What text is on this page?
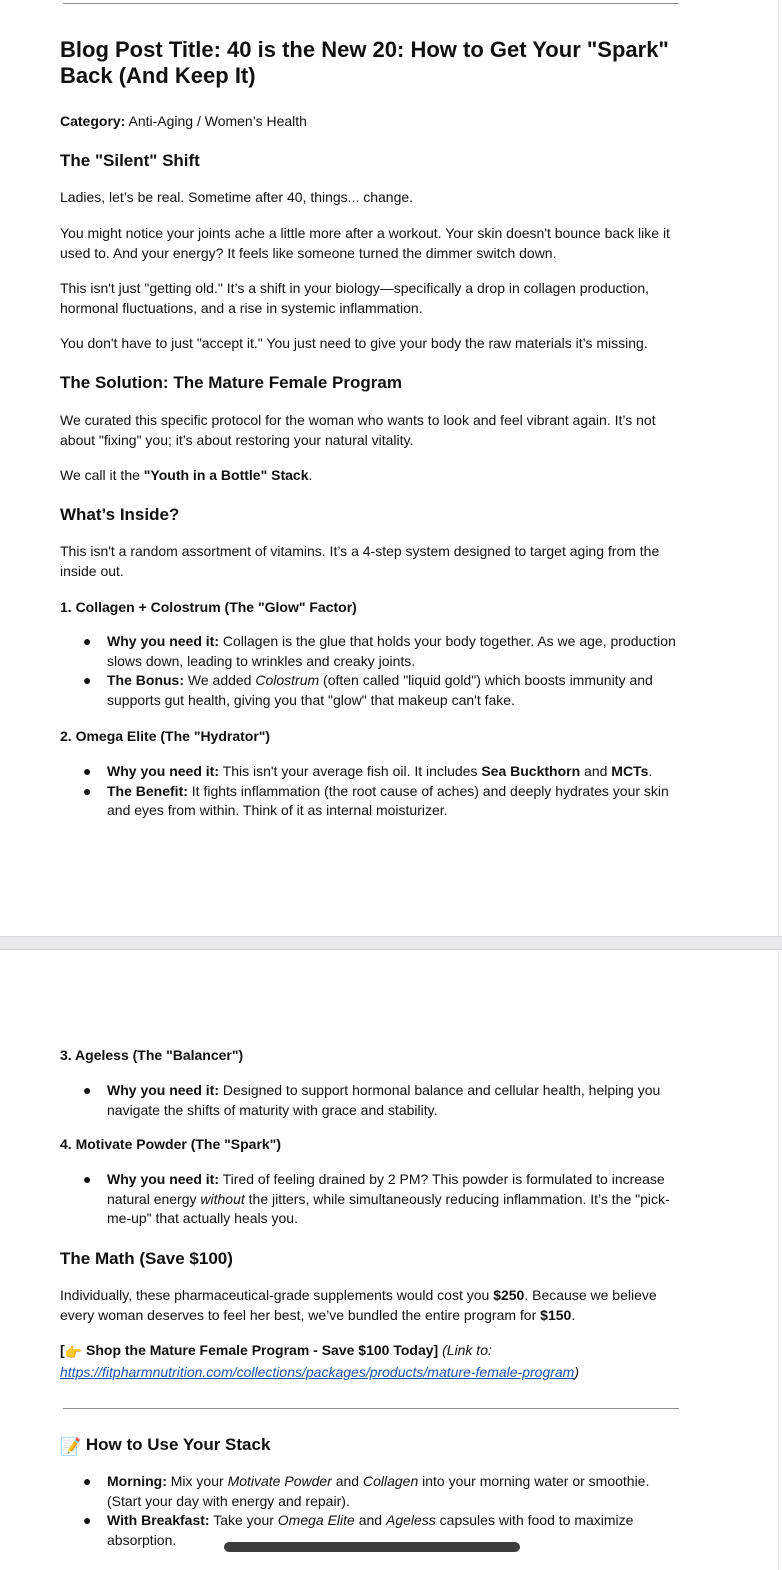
Blog Post Title: 40 is the New 20: How to Get Your "Spark" Back (And Keep It)

Category: Anti-Aging / Women’s Health

The "Silent" Shift

Ladies, let’s be real. Sometime after 40, things... change.

You might notice your joints ache a little more after a workout. Your skin doesn't bounce back like it used to. And your energy? It feels like someone turned the dimmer switch down.

This isn't just "getting old." It’s a shift in your biology—specifically a drop in collagen production, hormonal fluctuations, and a rise in systemic inflammation.

You don't have to just "accept it." You just need to give your body the raw materials it’s missing.

The Solution: The Mature Female Program

We curated this specific protocol for the woman who wants to look and feel vibrant again. It’s not about "fixing" you; it’s about restoring your natural vitality.

We call it the "Youth in a Bottle" Stack.

What’s Inside?

This isn't a random assortment of vitamins. It’s a 4-step system designed to target aging from the inside out.

1. Collagen + Colostrum (The "Glow" Factor)
● Why you need it: Collagen is the glue that holds your body together. As we age, production slows down, leading to wrinkles and creaky joints.
● The Bonus: We added Colostrum (often called "liquid gold") which boosts immunity and supports gut health, giving you that "glow" that makeup can't fake.
2. Omega Elite (The "Hydrator")
● Why you need it: This isn't your average fish oil. It includes Sea Buckthorn and MCTs.
● The Benefit: It fights inflammation (the root cause of aches) and deeply hydrates your skin and eyes from within. Think of it as internal moisturizer.
3. Ageless (The "Balancer")
● Why you need it: Designed to support hormonal balance and cellular health, helping you navigate the shifts of maturity with grace and stability.
4. Motivate Powder (The "Spark")
● Why you need it: Tired of feeling drained by 2 PM? This powder is formulated to increase natural energy without the jitters, while simultaneously reducing inflammation. It’s the "pick-me-up" that actually heals you.
The Math (Save $100)

Individually, these pharmaceutical-grade supplements would cost you $250. Because we believe every woman deserves to feel her best, we’ve bundled the entire program for $150.

[👉 Shop the Mature Female Program - Save $100 Today] (Link to:
https://fitpharmnutrition.com/collections/packages/products/mature-female-program)

📝 How to Use Your Stack
● Morning: Mix your Motivate Powder and Collagen into your morning water or smoothie. (Start your day with energy and repair).
● With Breakfast: Take your Omega Elite and Ageless capsules with food to maximize absorption.
